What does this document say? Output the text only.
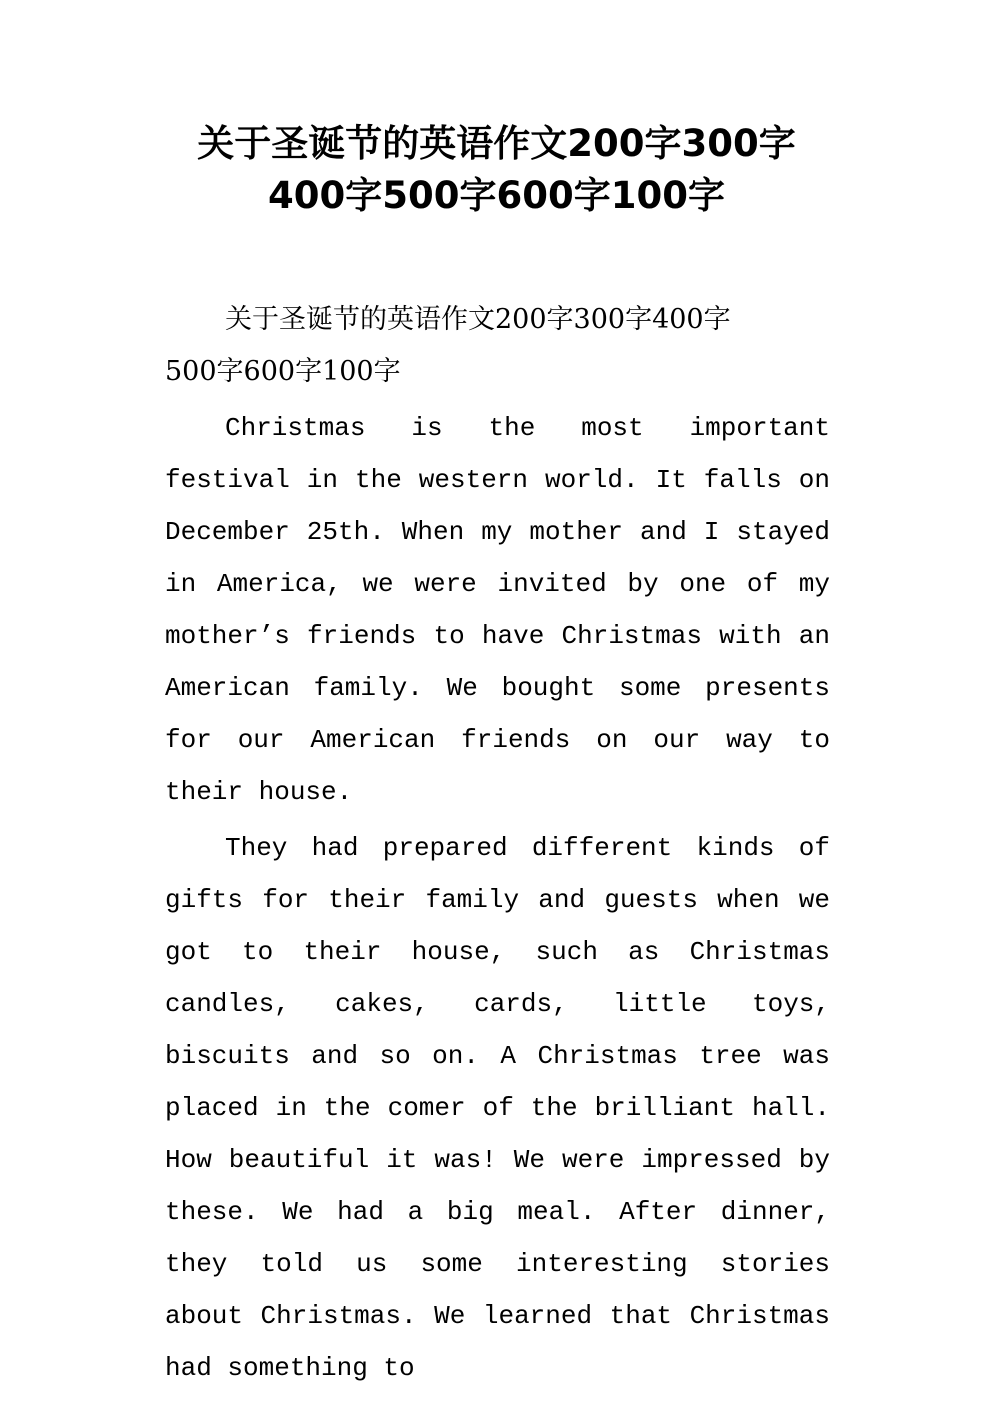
关于圣诞节的英语作文200字300字
400字500字600字100字

关于圣诞节的英语作文200字300字400字
500字600字100字

Christmas is the most important festival in the western world. It falls on December 25th. When my mother and I stayed in America, we were invited by one of my mother’s friends to have Christmas with an American family. We bought some presents for our American friends on our way to their house.

They had prepared different kinds of gifts for their family and guests when we got to their house, such as Christmas candles, cakes, cards, little toys, biscuits and so on. A Christmas tree was placed in the comer of the brilliant hall. How beautiful it was! We were impressed by these. We had a big meal. After dinner, they told us some interesting stories about Christmas. We learned that Christmas had something to
